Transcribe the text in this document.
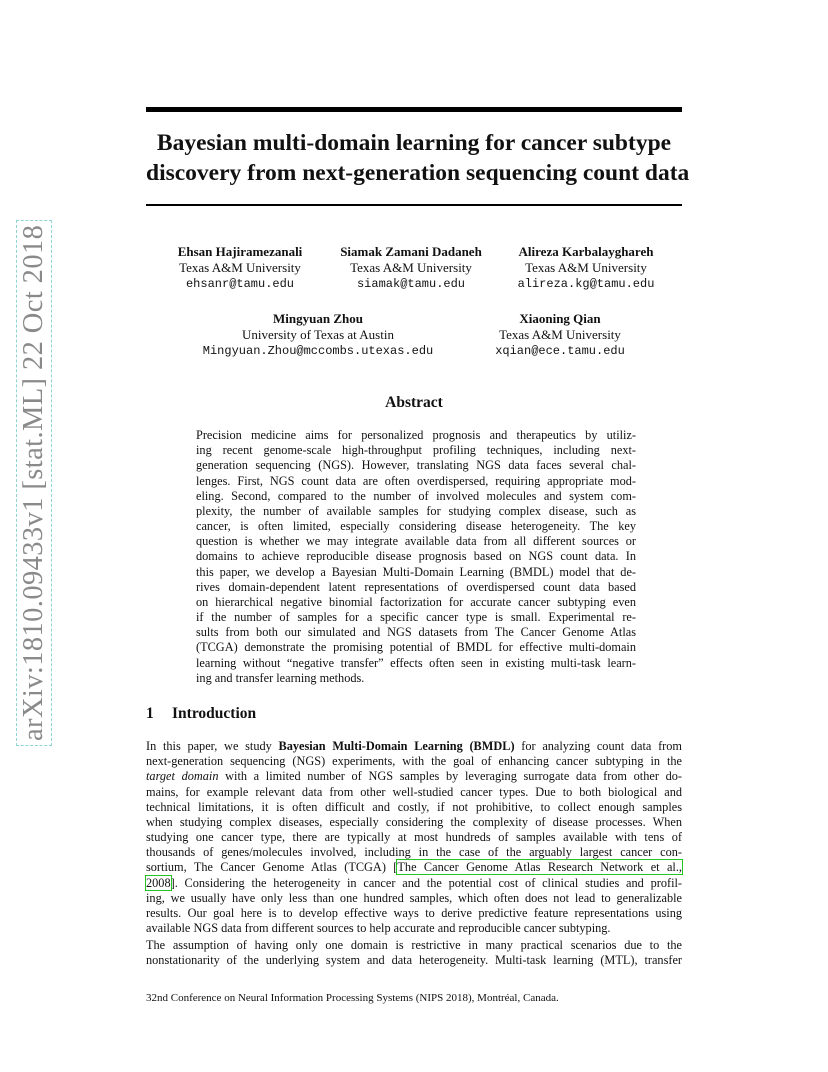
arXiv:1810.09433v1 [stat.ML] 22 Oct 2018
Bayesian multi-domain learning for cancer subtype
discovery from next-generation sequencing count data
Ehsan Hajiramezanali
Texas A&M University
ehsanr@tamu.edu
Siamak Zamani Dadaneh
Texas A&M University
siamak@tamu.edu
Alireza Karbalayghareh
Texas A&M University
alireza.kg@tamu.edu
Mingyuan Zhou
University of Texas at Austin
Mingyuan.Zhou@mccombs.utexas.edu
Xiaoning Qian
Texas A&M University
xqian@ece.tamu.edu
Abstract
Precision medicine aims for personalized prognosis and therapeutics by utiliz-
ing recent genome-scale high-throughput profiling techniques, including next-
generation sequencing (NGS). However, translating NGS data faces several chal-
lenges. First, NGS count data are often overdispersed, requiring appropriate mod-
eling. Second, compared to the number of involved molecules and system com-
plexity, the number of available samples for studying complex disease, such as
cancer, is often limited, especially considering disease heterogeneity. The key
question is whether we may integrate available data from all different sources or
domains to achieve reproducible disease prognosis based on NGS count data. In
this paper, we develop a Bayesian Multi-Domain Learning (BMDL) model that de-
rives domain-dependent latent representations of overdispersed count data based
on hierarchical negative binomial factorization for accurate cancer subtyping even
if the number of samples for a specific cancer type is small. Experimental re-
sults from both our simulated and NGS datasets from The Cancer Genome Atlas
(TCGA) demonstrate the promising potential of BMDL for effective multi-domain
learning without “negative transfer” effects often seen in existing multi-task learn-
ing and transfer learning methods.
1 Introduction
In this paper, we study Bayesian Multi-Domain Learning (BMDL) for analyzing count data from
next-generation sequencing (NGS) experiments, with the goal of enhancing cancer subtyping in the
target domain with a limited number of NGS samples by leveraging surrogate data from other do-
mains, for example relevant data from other well-studied cancer types. Due to both biological and
technical limitations, it is often difficult and costly, if not prohibitive, to collect enough samples
when studying complex diseases, especially considering the complexity of disease processes. When
studying one cancer type, there are typically at most hundreds of samples available with tens of
thousands of genes/molecules involved, including in the case of the arguably largest cancer con-
sortium, The Cancer Genome Atlas (TCGA) [The Cancer Genome Atlas Research Network et al.,
2008]. Considering the heterogeneity in cancer and the potential cost of clinical studies and profil-
ing, we usually have only less than one hundred samples, which often does not lead to generalizable
results. Our goal here is to develop effective ways to derive predictive feature representations using
available NGS data from different sources to help accurate and reproducible cancer subtyping.
The assumption of having only one domain is restrictive in many practical scenarios due to the
nonstationarity of the underlying system and data heterogeneity. Multi-task learning (MTL), transfer
32nd Conference on Neural Information Processing Systems (NIPS 2018), Montréal, Canada.
